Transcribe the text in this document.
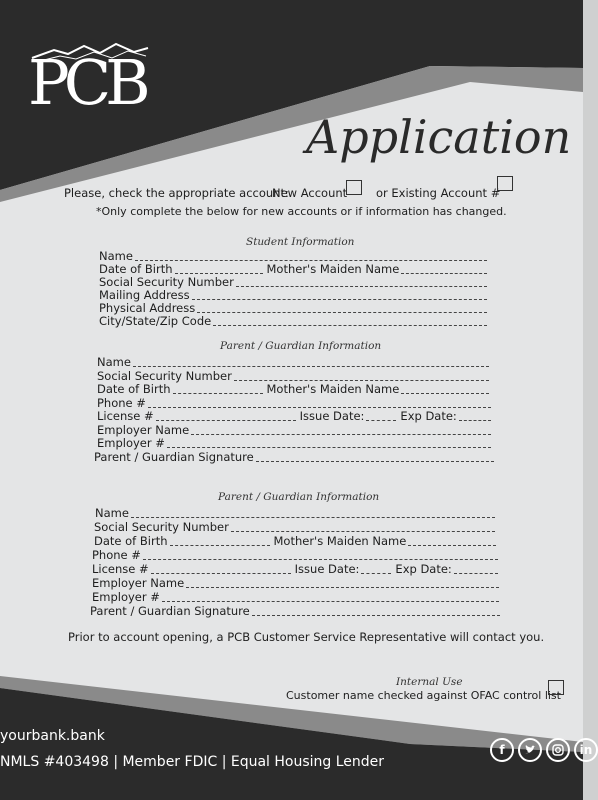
PCB
Application
Please, check the appropriate account:
New Account	or Existing Account #
*Only complete the below for new accounts or if information has changed.
Student Information
Name
Date of Birth	Mother's Maiden Name
Social Security Number
Mailing Address
Physical Address
City/State/Zip Code
Parent / Guardian Information
Name
Social Security Number
Date of Birth	Mother's Maiden Name
Phone #
License #	Issue Date:	Exp Date:
Employer Name
Employer #
Parent / Guardian Signature
Parent / Guardian Information
Name
Social Security Number
Date of Birth	Mother's Maiden Name
Phone #
License #	Issue Date:	Exp Date:
Employer Name
Employer #
Parent / Guardian Signature
Prior to account opening, a PCB Customer Service Representative will contact you.
Internal Use
Customer name checked against OFAC control list
yourbank.bank
NMLS #403498 | Member FDIC | Equal Housing Lender
f	in
